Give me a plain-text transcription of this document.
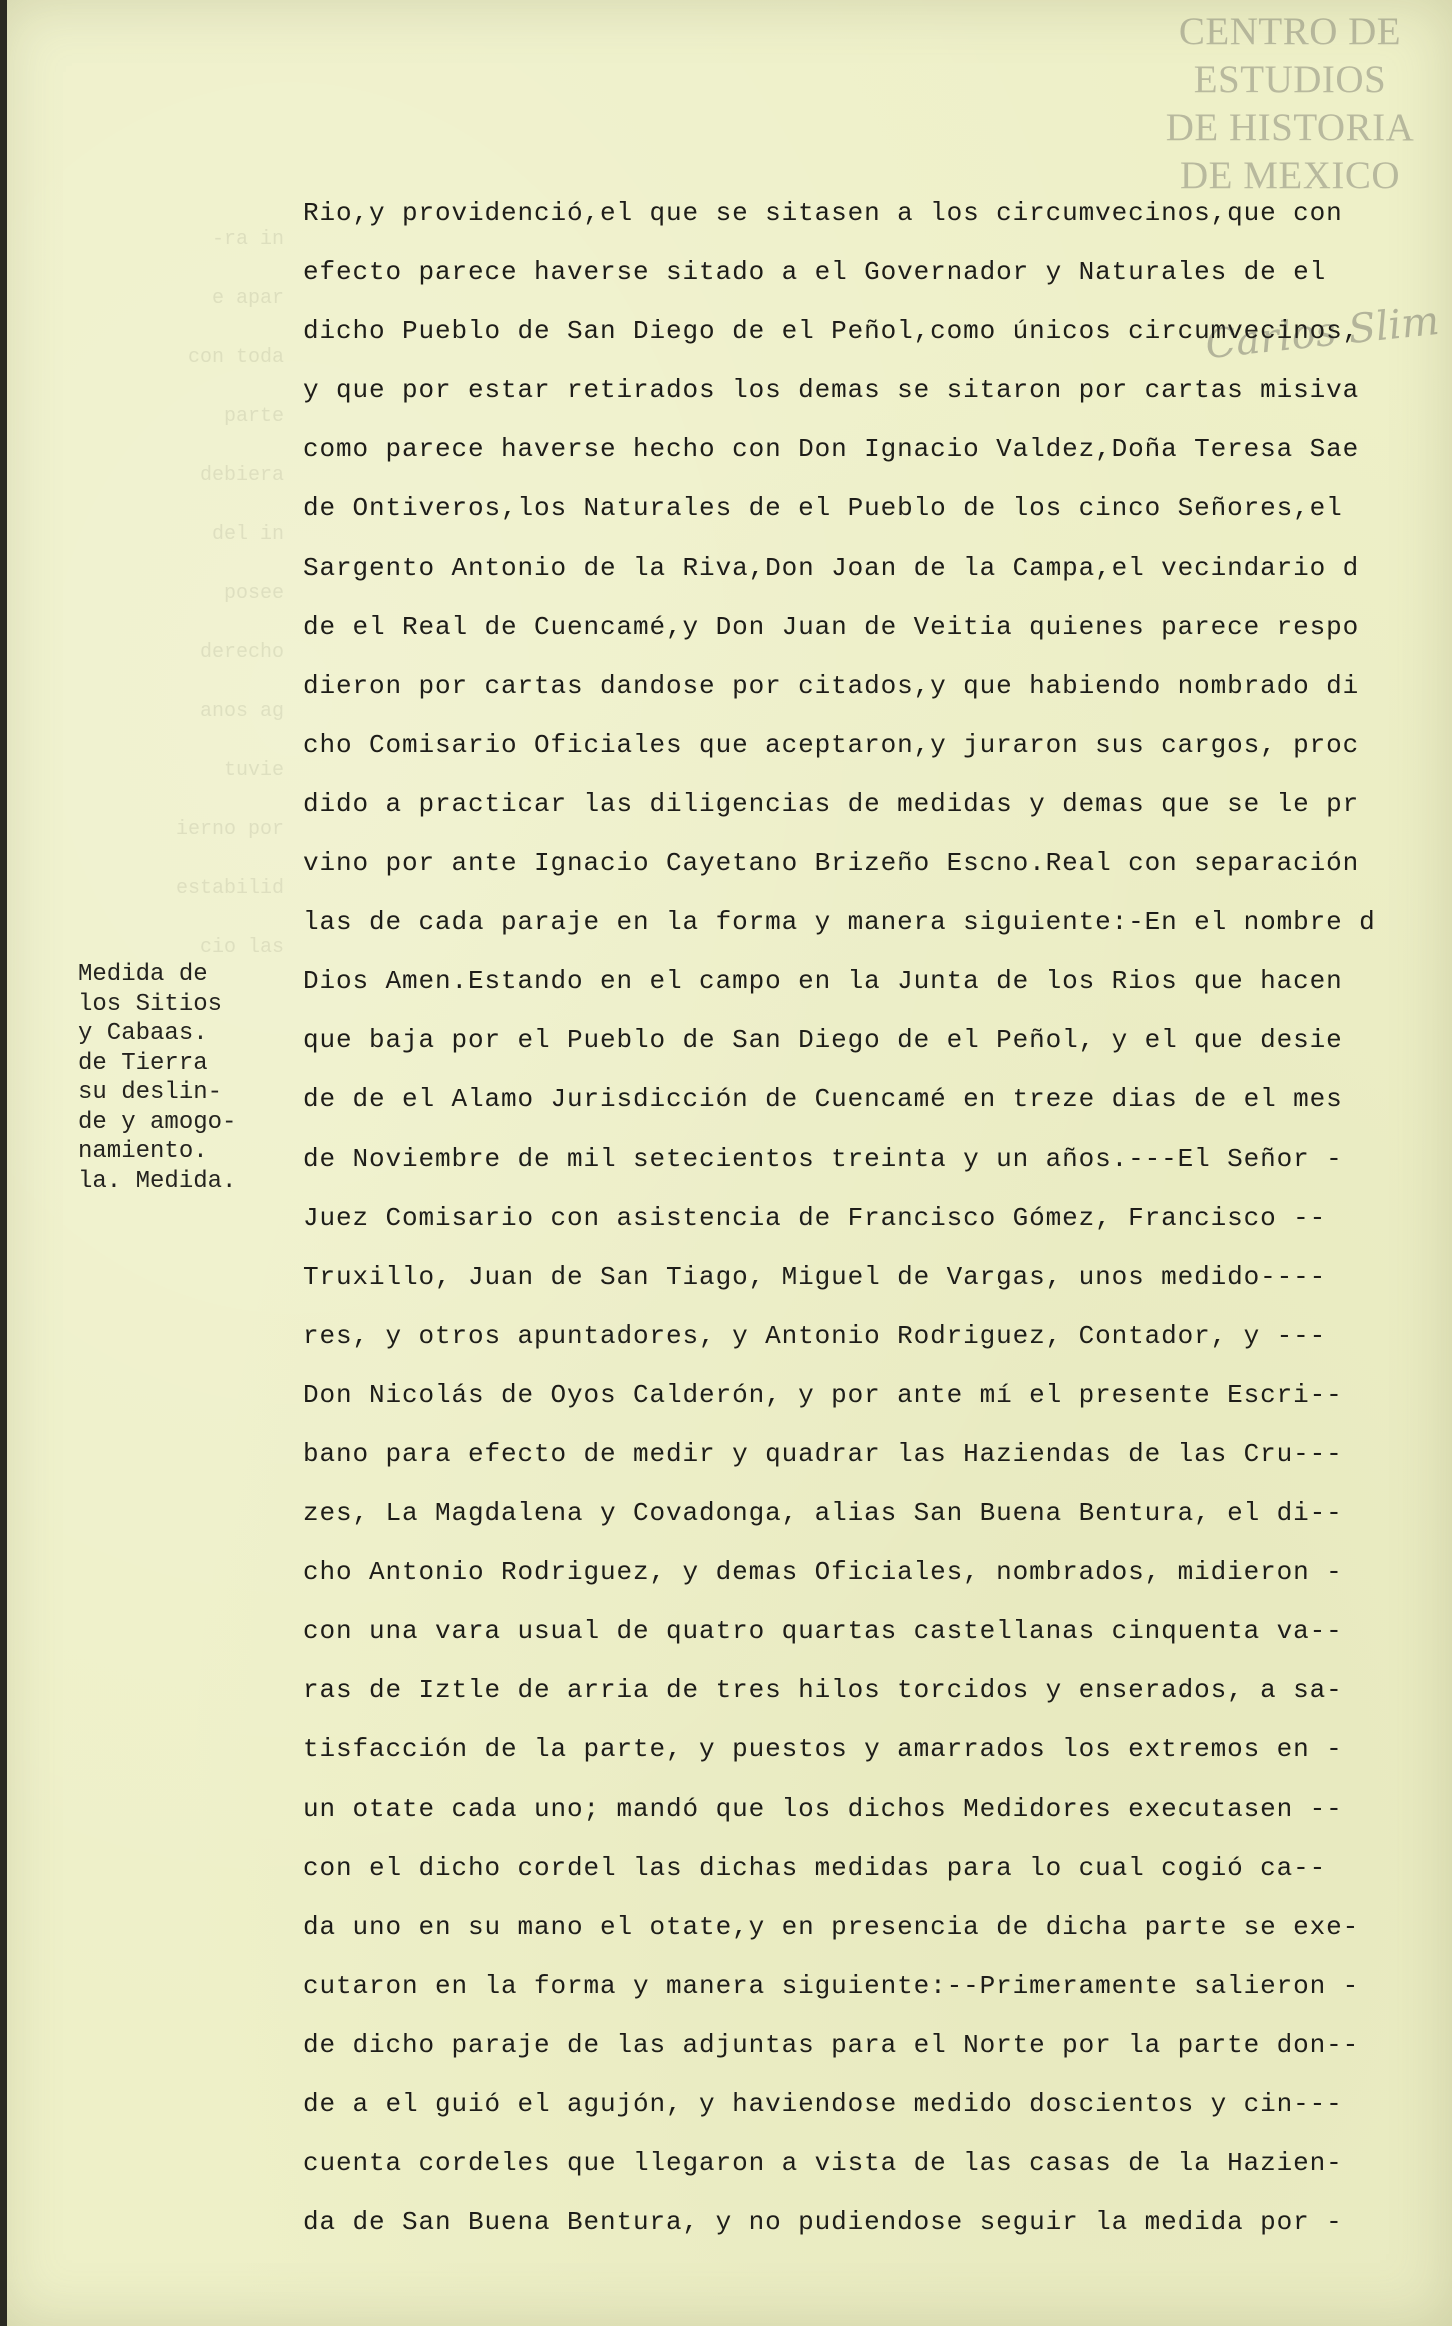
CENTRO DE
ESTUDIOS
DE HISTORIA
DE MEXICO
Carlos Slim
ra in-
e apar
con toda
parte
debiera
del in
posee
derecho
anos ag
tuvie
ierno por
estabilid
cio las
Medida de
los Sitios
y Cabaas.
de Tierra
su deslin-
de y amogo-
namiento.
la. Medida.
Rio,y providenció,el que se sitasen a los circumvecinos,que con
efecto parece haverse sitado a el Governador y Naturales de el
dicho Pueblo de San Diego de el Peñol,como únicos circumvecinos,
y que por estar retirados los demas se sitaron por cartas misiva
como parece haverse hecho con Don Ignacio Valdez,Doña Teresa Sae
de Ontiveros,los Naturales de el Pueblo de los cinco Señores,el
Sargento Antonio de la Riva,Don Joan de la Campa,el vecindario d
de el Real de Cuencamé,y Don Juan de Veitia quienes parece respo
dieron por cartas dandose por citados,y que habiendo nombrado di
cho Comisario Oficiales que aceptaron,y juraron sus cargos, proc
dido a practicar las diligencias de medidas y demas que se le pr
vino por ante Ignacio Cayetano Brizeño Escno.Real con separación
las de cada paraje en la forma y manera siguiente:-En el nombre d
Dios Amen.Estando en el campo en la Junta de los Rios que hacen
que baja por el Pueblo de San Diego de el Peñol, y el que desie
de de el Alamo Jurisdicción de Cuencamé en treze dias de el mes
de Noviembre de mil setecientos treinta y un años.---El Señor -
Juez Comisario con asistencia de Francisco Gómez, Francisco --
Truxillo, Juan de San Tiago, Miguel de Vargas, unos medido----
res, y otros apuntadores, y Antonio Rodriguez, Contador, y ---
Don Nicolás de Oyos Calderón, y por ante mí el presente Escri--
bano para efecto de medir y quadrar las Haziendas de las Cru---
zes, La Magdalena y Covadonga, alias San Buena Bentura, el di--
cho Antonio Rodriguez, y demas Oficiales, nombrados, midieron -
con una vara usual de quatro quartas castellanas cinquenta va--
ras de Iztle de arria de tres hilos torcidos y enserados, a sa-
tisfacción de la parte, y puestos y amarrados los extremos en -
un otate cada uno; mandó que los dichos Medidores executasen --
con el dicho cordel las dichas medidas para lo cual cogió ca--
da uno en su mano el otate,y en presencia de dicha parte se exe-
cutaron en la forma y manera siguiente:--Primeramente salieron -
de dicho paraje de las adjuntas para el Norte por la parte don--
de a el guió el agujón, y haviendose medido doscientos y cin---
cuenta cordeles que llegaron a vista de las casas de la Hazien-
da de San Buena Bentura, y no pudiendose seguir la medida por -
